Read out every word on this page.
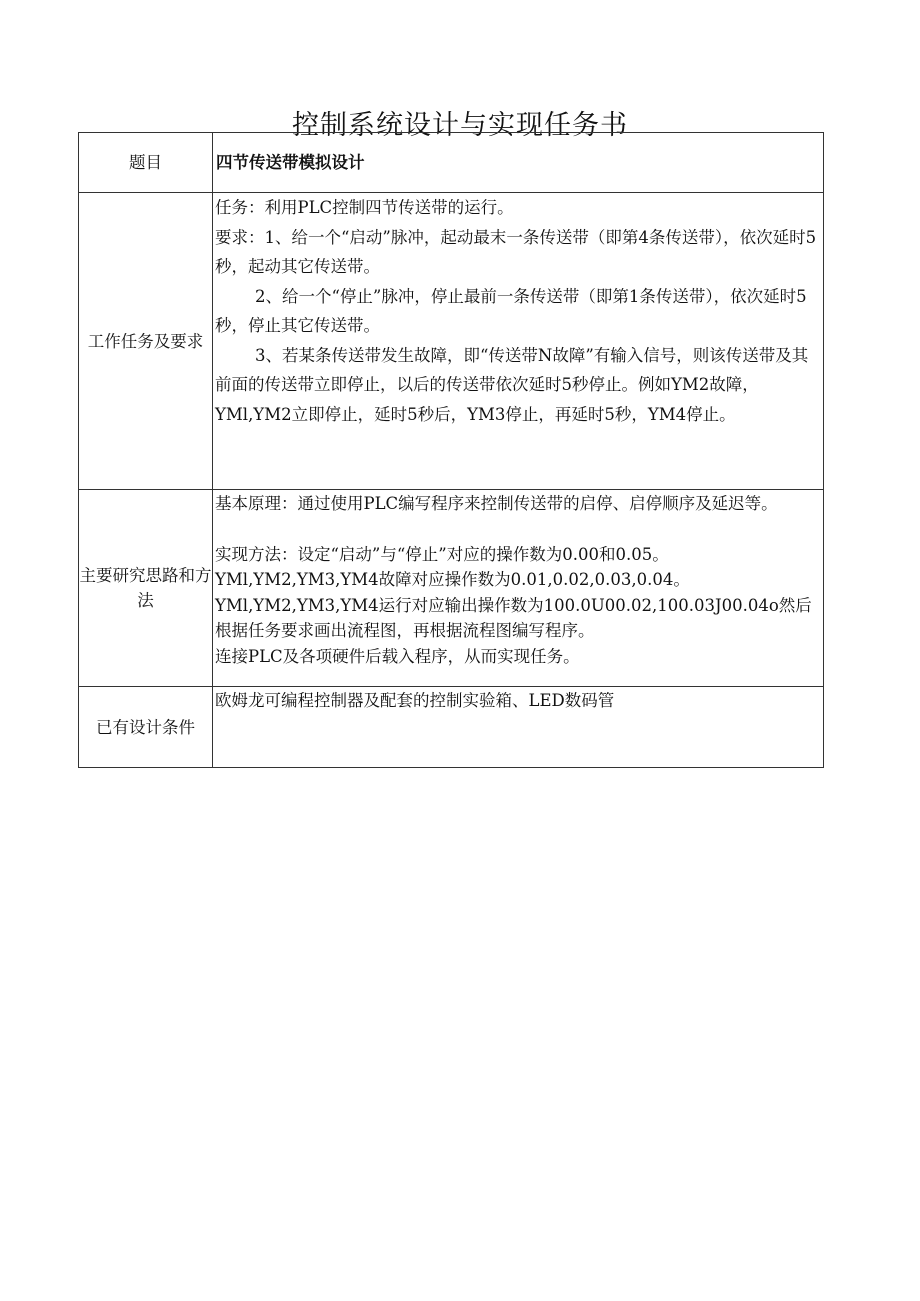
控制系统设计与实现任务书
题目	四节传送带模拟设计

工作任务及要求	任务：利用PLC控制四节传送带的运行。
要求：1、给一个“启动”脉冲，起动最末一条传送带（即第4条传送带），依次延时5秒，起动其它传送带。
2、给一个“停止”脉冲，停止最前一条传送带（即第1条传送带），依次延时5秒，停止其它传送带。
3、若某条传送带发生故障，即“传送带N故障”有输入信号，则该传送带及其前面的传送带立即停止，以后的传送带依次延时5秒停止。例如YM2故障，YMl,YM2立即停止，延时5秒后，YM3停止，再延时5秒，YM4停止。

主要研究思路和方法	基本原理：通过使用PLC编写程序来控制传送带的启停、启停顺序及延迟等。
实现方法：设定“启动”与“停止”对应的操作数为0.00和0.05。
YMl,YM2,YM3,YM4故障对应操作数为0.01,0.02,0.03,0.04。
YMl,YM2,YM3,YM4运行对应输出操作数为100.0U00.02,100.03J00.04o然后根据任务要求画出流程图，再根据流程图编写程序。
连接PLC及各项硬件后载入程序，从而实现任务。

已有设计条件	欧姆龙可编程控制器及配套的控制实验箱、LED数码管
